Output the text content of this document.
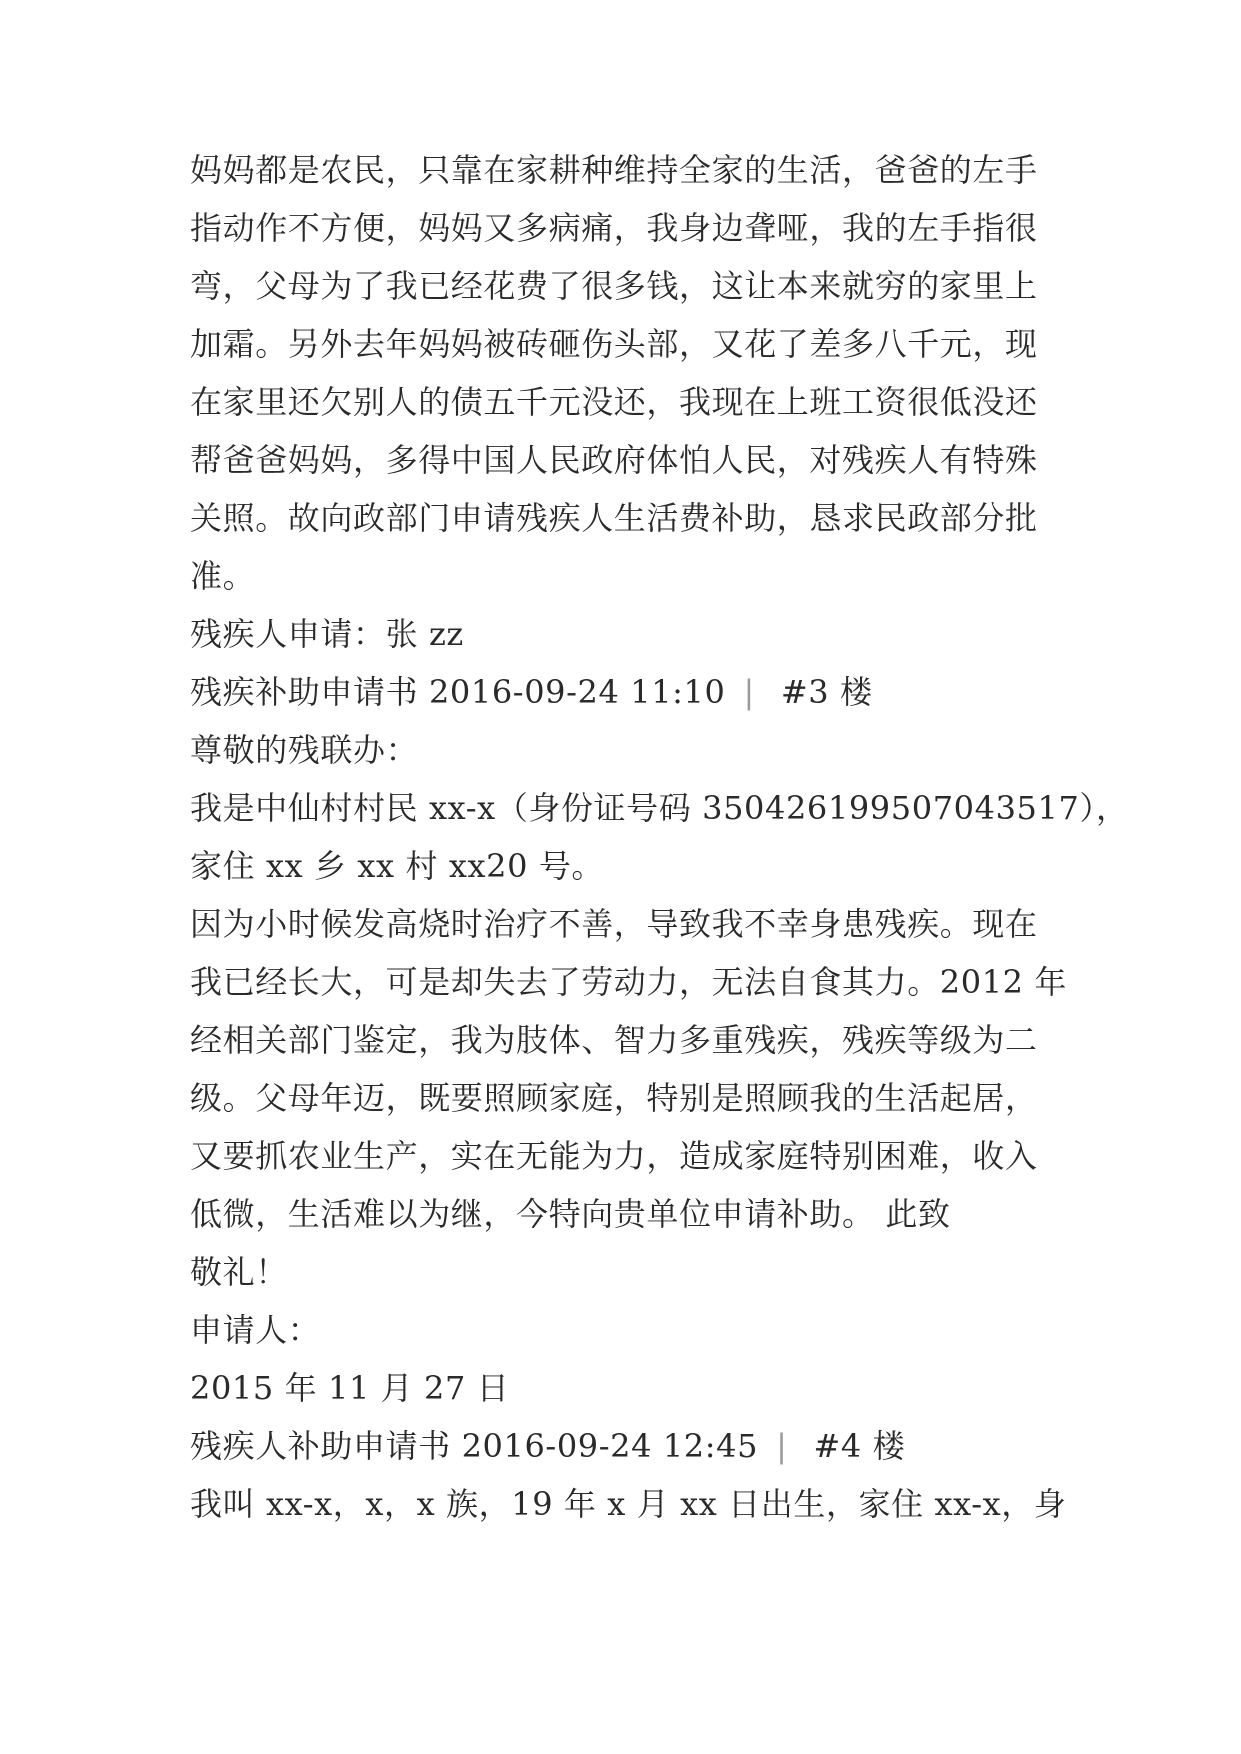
妈妈都是农民，只靠在家耕种维持全家的生活，爸爸的左手
指动作不方便，妈妈又多病痛，我身边聋哑，我的左手指很
弯，父母为了我已经花费了很多钱，这让本来就穷的家里上
加霜。另外去年妈妈被砖砸伤头部，又花了差多八千元，现
在家里还欠别人的债五千元没还，我现在上班工资很低没还
帮爸爸妈妈，多得中国人民政府体怕人民，对残疾人有特殊
关照。故向政部门申请残疾人生活费补助，恳求民政部分批
准。
残疾人申请：张 zz
残疾补助申请书 2016-09-24 11:10 | #3 楼
尊敬的残联办：
我是中仙村村民 xx-x（身份证号码 350426199507043517），
家住 xx 乡 xx 村 xx20 号。
因为小时候发高烧时治疗不善，导致我不幸身患残疾。现在
我已经长大，可是却失去了劳动力，无法自食其力。2012 年
经相关部门鉴定，我为肢体、智力多重残疾，残疾等级为二
级。父母年迈，既要照顾家庭，特别是照顾我的生活起居，
又要抓农业生产，实在无能为力，造成家庭特别困难，收入
低微，生活难以为继，今特向贵单位申请补助。 此致
敬礼！
申请人：
2015 年 11 月 27 日
残疾人补助申请书 2016-09-24 12:45 | #4 楼
我叫 xx-x，x，x 族，19 年 x 月 xx 日出生，家住 xx-x，身
